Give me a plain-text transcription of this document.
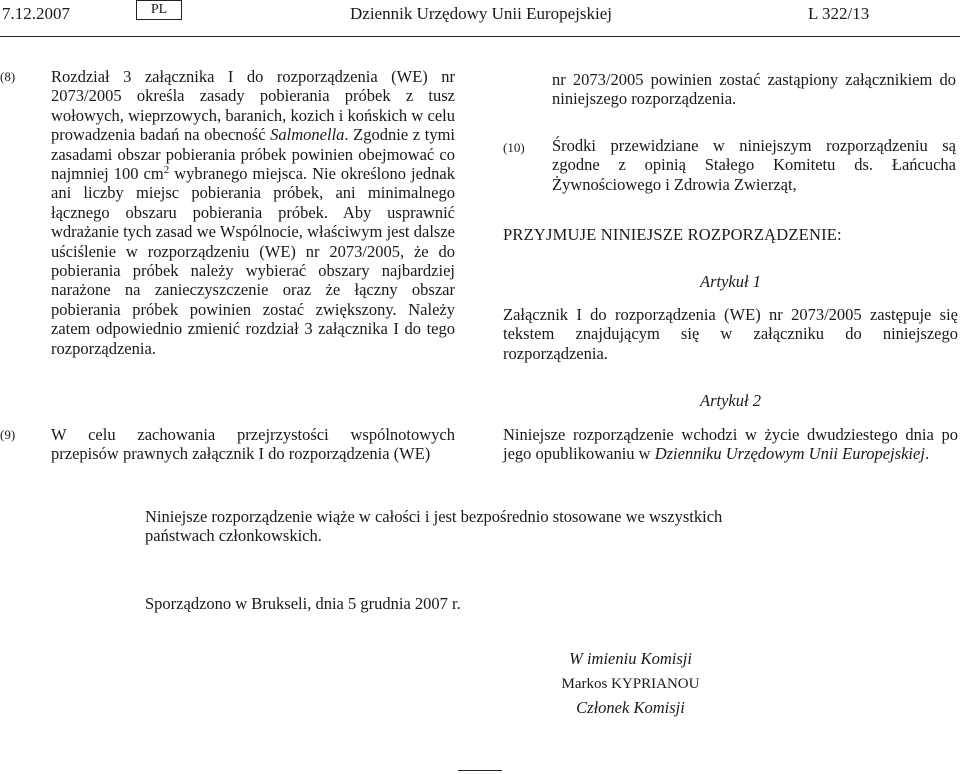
7.12.2007	PL	Dziennik Urzędowy Unii Europejskiej	L 322/13
(8) Rozdział 3 załącznika I do rozporządzenia (WE) nr 2073/2005 określa zasady pobierania próbek z tusz wołowych, wieprzowych, baranich, kozich i końskich w celu prowadzenia badań na obecność Salmonella. Zgodnie z tymi zasadami obszar pobierania próbek powinien obejmować co najmniej 100 $cm^2$ wybranego miejsca. Nie określono jednak ani liczby miejsc pobierania próbek, ani minimalnego łącznego obszaru pobierania próbek. Aby usprawnić wdrażanie tych zasad we Wspólnocie, właściwym jest dalsze uściślenie w rozporządzeniu (WE) nr 2073/2005, że do pobierania próbek należy wybierać obszary najbardziej narażone na zanieczyszczenie oraz że łączny obszar pobierania próbek powinien zostać zwiększony. Należy zatem odpowiednio zmienić rozdział 3 załącznika I do tego rozporządzenia.
(9) W celu zachowania przejrzystości wspólnotowych przepisów prawnych załącznik I do rozporządzenia (WE)
nr 2073/2005 powinien zostać zastąpiony załącznikiem do niniejszego rozporządzenia.
(10) Środki przewidziane w niniejszym rozporządzeniu są zgodne z opinią Stałego Komitetu ds. Łańcucha Żywnościowego i Zdrowia Zwierząt,
PRZYJMUJE NINIEJSZE ROZPORZĄDZENIE:
Artykuł 1
Załącznik I do rozporządzenia (WE) nr 2073/2005 zastępuje się tekstem znajdującym się w załączniku do niniejszego rozporządzenia.
Artykuł 2
Niniejsze rozporządzenie wchodzi w życie dwudziestego dnia po jego opublikowaniu w Dzienniku Urzędowym Unii Europejskiej.
Niniejsze rozporządzenie wiąże w całości i jest bezpośrednio stosowane we wszystkich
państwach członkowskich.
Sporządzono w Brukseli, dnia 5 grudnia 2007 r.
W imieniu Komisji
Markos KYPRIANOU
Członek Komisji
